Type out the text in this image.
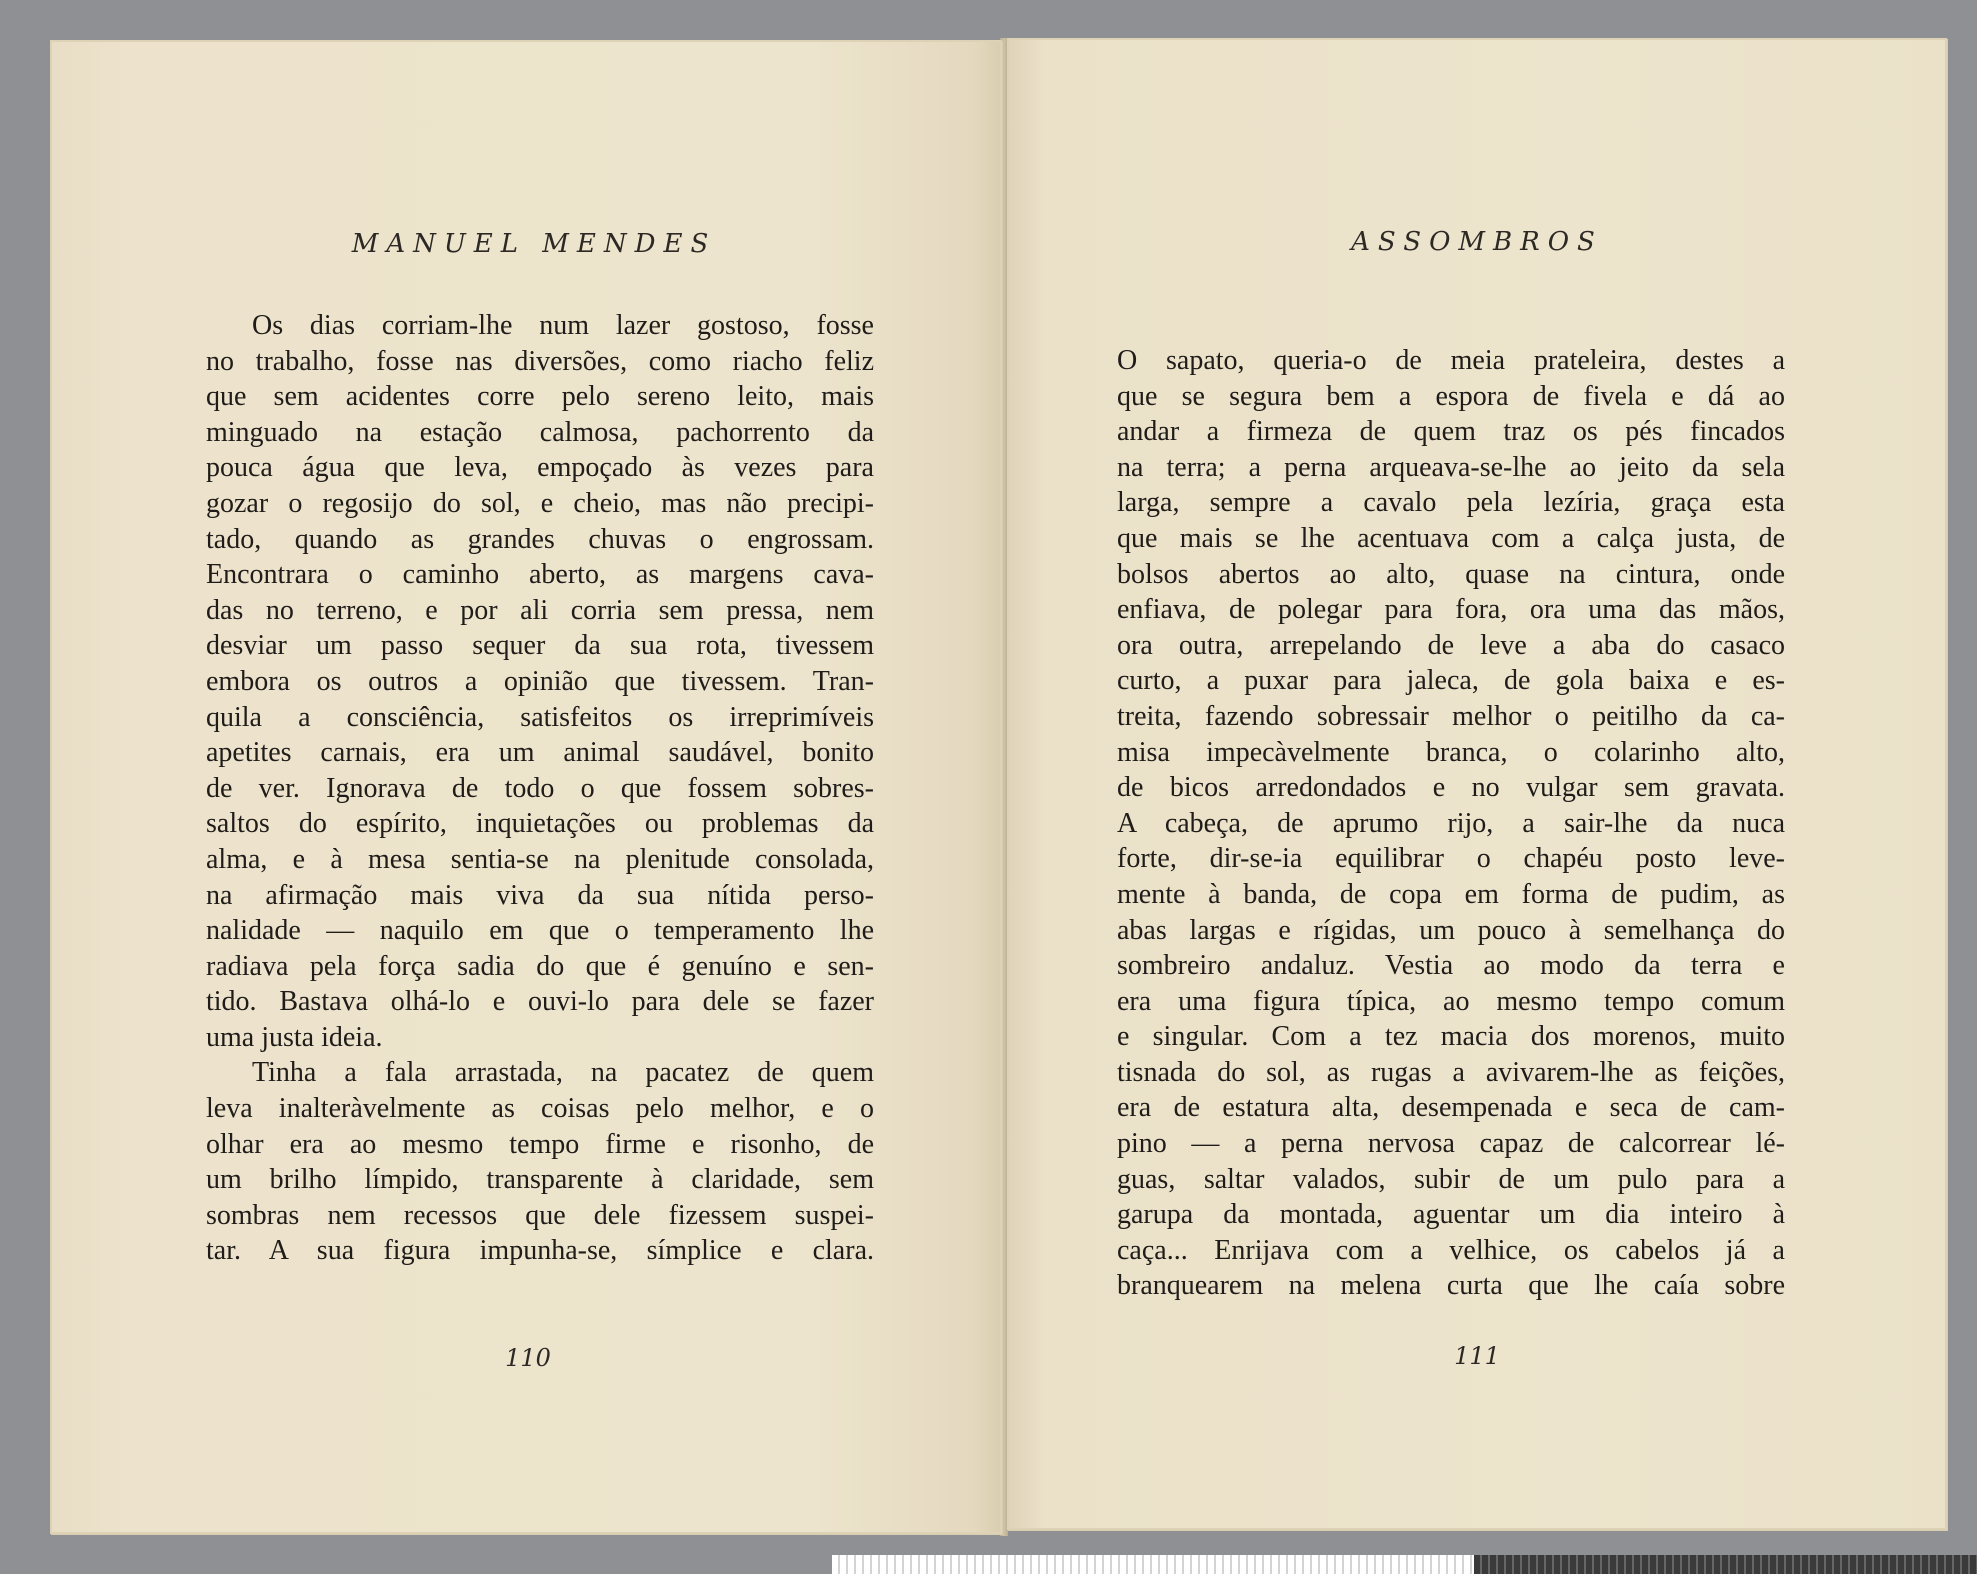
MANUEL MENDES
Os dias corriam-lhe num lazer gostoso, fosse
no trabalho, fosse nas diversões, como riacho feliz
que sem acidentes corre pelo sereno leito, mais
minguado na estação calmosa, pachorrento da
pouca água que leva, empoçado às vezes para
gozar o regosijo do sol, e cheio, mas não precipi-
tado, quando as grandes chuvas o engrossam.
Encontrara o caminho aberto, as margens cava-
das no terreno, e por ali corria sem pressa, nem
desviar um passo sequer da sua rota, tivessem
embora os outros a opinião que tivessem. Tran-
quila a consciência, satisfeitos os irreprimíveis
apetites carnais, era um animal saudável, bonito
de ver. Ignorava de todo o que fossem sobres-
saltos do espírito, inquietações ou problemas da
alma, e à mesa sentia-se na plenitude consolada,
na afirmação mais viva da sua nítida perso-
nalidade — naquilo em que o temperamento lhe
radiava pela força sadia do que é genuíno e sen-
tido. Bastava olhá-lo e ouvi-lo para dele se fazer
uma justa ideia.
Tinha a fala arrastada, na pacatez de quem
leva inalteràvelmente as coisas pelo melhor, e o
olhar era ao mesmo tempo firme e risonho, de
um brilho límpido, transparente à claridade, sem
sombras nem recessos que dele fizessem suspei-
tar. A sua figura impunha-se, símplice e clara.
110
ASSOMBROS
O sapato, queria-o de meia prateleira, destes a
que se segura bem a espora de fivela e dá ao
andar a firmeza de quem traz os pés fincados
na terra; a perna arqueava-se-lhe ao jeito da sela
larga, sempre a cavalo pela lezíria, graça esta
que mais se lhe acentuava com a calça justa, de
bolsos abertos ao alto, quase na cintura, onde
enfiava, de polegar para fora, ora uma das mãos,
ora outra, arrepelando de leve a aba do casaco
curto, a puxar para jaleca, de gola baixa e es-
treita, fazendo sobressair melhor o peitilho da ca-
misa impecàvelmente branca, o colarinho alto,
de bicos arredondados e no vulgar sem gravata.
A cabeça, de aprumo rijo, a sair-lhe da nuca
forte, dir-se-ia equilibrar o chapéu posto leve-
mente à banda, de copa em forma de pudim, as
abas largas e rígidas, um pouco à semelhança do
sombreiro andaluz. Vestia ao modo da terra e
era uma figura típica, ao mesmo tempo comum
e singular. Com a tez macia dos morenos, muito
tisnada do sol, as rugas a avivarem-lhe as feições,
era de estatura alta, desempenada e seca de cam-
pino — a perna nervosa capaz de calcorrear lé-
guas, saltar valados, subir de um pulo para a
garupa da montada, aguentar um dia inteiro à
caça... Enrijava com a velhice, os cabelos já a
branquearem na melena curta que lhe caía sobre
111
